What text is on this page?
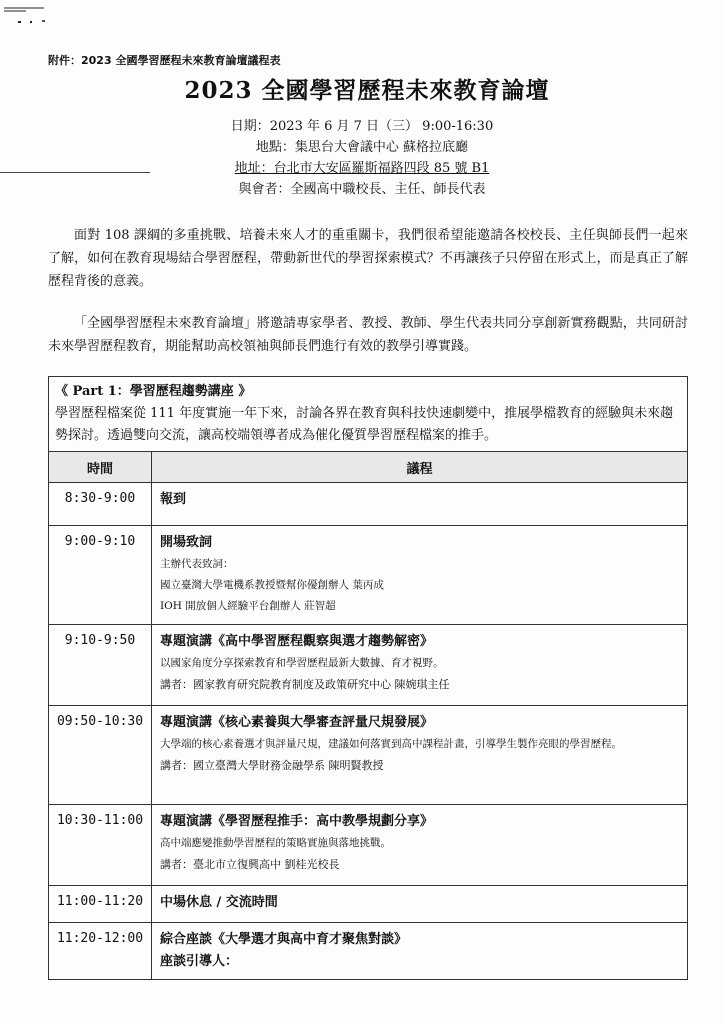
附件：2023 全國學習歷程未來教育論壇議程表
2023 全國學習歷程未來教育論壇
日期：2023 年 6 月 7 日（三） 9:00-16:30
地點：集思台大會議中心 蘇格拉底廳
地址：台北市大安區羅斯福路四段 85 號 B1
與會者：全國高中職校長、主任、師長代表
面對 108 課綱的多重挑戰、培養未來人才的重重關卡，我們很希望能邀請各校校長、主任與師長們一起來了解，如何在教育現場結合學習歷程，帶動新世代的學習探索模式？不再讓孩子只停留在形式上，而是真正了解歷程背後的意義。
「全國學習歷程未來教育論壇」將邀請專家學者、教授、教師、學生代表共同分享創新實務觀點，共同研討未來學習歷程教育，期能幫助高校領袖與師長們進行有效的教學引導實踐。
《 Part 1：學習歷程趨勢講座 》
學習歷程檔案從 111 年度實施一年下來，討論各界在教育與科技快速劇變中，推展學檔教育的經驗與未來趨勢探討。透過雙向交流，讓高校端領導者成為催化優質學習歷程檔案的推手。	

時間	議程
8:30-9:00	報到

9:00-9:10	開場致詞
主辦代表致詞：
國立臺灣大學電機系教授暨幫你優創辦人 葉丙成
IOH 開放個人經驗平台創辦人 莊智超

9:10-9:50	專題演講《高中學習歷程觀察與選才趨勢解密》
以國家角度分享探索教育和學習歷程最新大數據、育才視野。
講者：國家教育研究院教育制度及政策研究中心 陳婉琪主任

09:50-10:30	專題演講《核心素養與大學審查評量尺規發展》
大學端的核心素養選才與評量尺規，建議如何落實到高中課程計畫，引導學生製作亮眼的學習歷程。
講者：國立臺灣大學財務金融學系 陳明賢教授

10:30-11:00	專題演講《學習歷程推手：高中教學規劃分享》
高中端應變推動學習歷程的策略實施與落地挑戰。
講者：臺北市立復興高中 劉桂光校長

11:00-11:20	中場休息 / 交流時間

11:20-12:00	綜合座談《大學選才與高中育才聚焦對談》
座談引導人：
